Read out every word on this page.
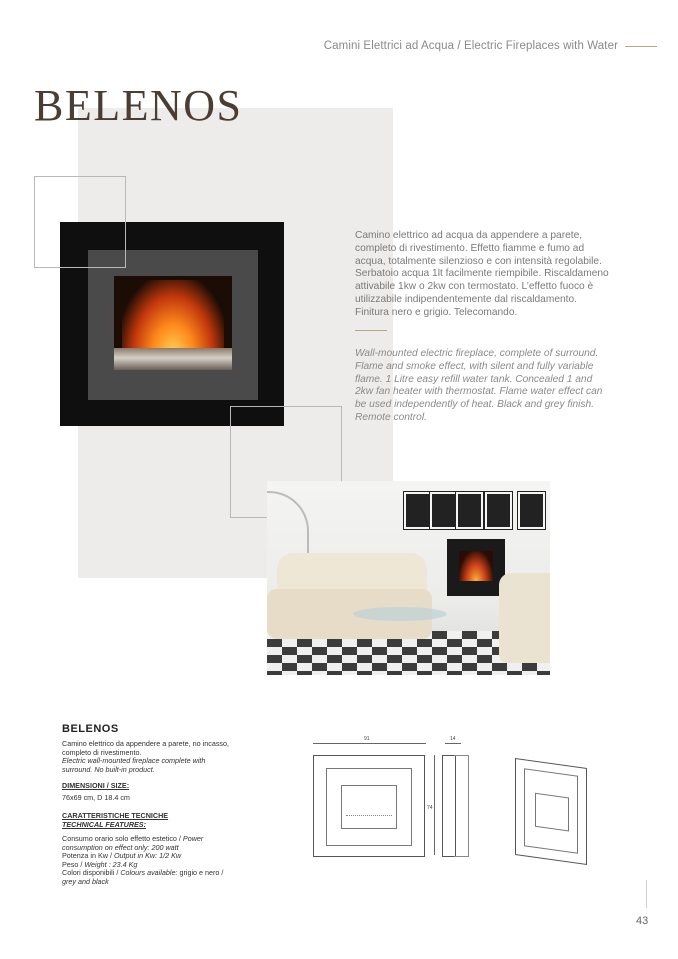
Camini Elettrici ad Acqua / Electric Fireplaces with Water
BELENOS
Camino elettrico ad acqua da appendere a parete, completo di rivestimento. Effetto fiamme e fumo ad acqua, totalmente silenzioso e con intensità regolabile. Serbatoio acqua 1lt facilmente riempibile. Riscaldameno attivabile 1kw o 2kw con termostato. L’effetto fuoco è utilizzabile indipendentemente dal riscaldamento. Finitura nero e grigio. Telecomando.
Wall-mounted electric fireplace, complete of surround. Flame and smoke effect, with silent and fully variable flame. 1 Litre easy refill water tank. Concealed 1 and 2kw fan heater with thermostat. Flame water effect can be used independently of heat. Black and grey finish. Remote control.
BELENOS
Camino elettrico da appendere a parete, no incasso, completo di rivestimento.
Electric wall-mounted fireplace complete with surround. No built-in product.
DIMENSIONI / SIZE:
76x69 cm, D 18.4 cm
CARATTERISTICHE TECNICHE
TECHNICAL FEATURES:
Consumo orario solo effetto estetico / Power consumption on effect only: 200 watt
Potenza in Kw / Output in Kw: 1/2 Kw
Peso / Weight : 23.4 Kg
Colori disponibili / Colours available: grigio e nero / grey and black
91	14
74
43
